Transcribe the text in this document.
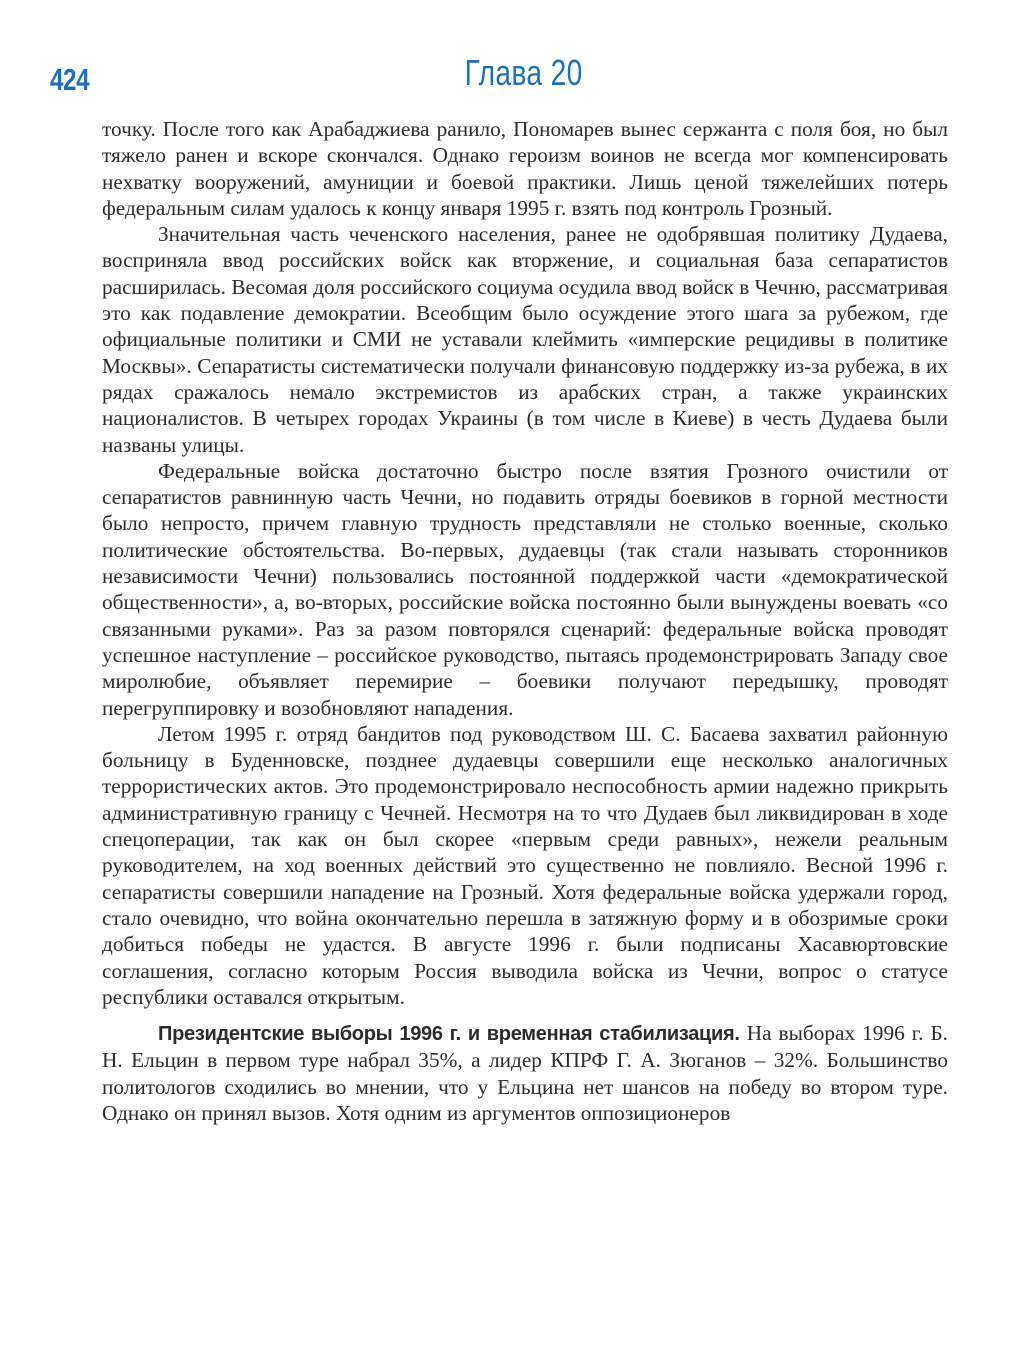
424	Глава 20

точку. После того как Арабаджиева ранило, Пономарев вынес сержанта с поля боя, но был тяжело ранен и вскоре скончался. Однако героизм воинов не всегда мог компенсировать нехватку вооружений, амуниции и боевой практики. Лишь ценой тяжелейших потерь федеральным силам удалось к концу января 1995 г. взять под контроль Грозный.

Значительная часть чеченского населения, ранее не одобрявшая политику Дудаева, восприняла ввод российских войск как вторжение, и социальная база сепаратистов расширилась. Весомая доля российского социума осудила ввод войск в Чечню, рассматривая это как подавление демократии. Всеобщим было осуждение этого шага за рубежом, где официальные политики и СМИ не уставали клеймить «имперские рецидивы в политике Москвы». Сепаратисты систематически получали финансовую поддержку из-за рубежа, в их рядах сражалось немало экстремистов из арабских стран, а также украинских националистов. В четырех городах Украины (в том числе в Киеве) в честь Дудаева были названы улицы.

Федеральные войска достаточно быстро после взятия Грозного очистили от сепаратистов равнинную часть Чечни, но подавить отряды боевиков в горной местности было непросто, причем главную трудность представляли не столько военные, сколько политические обстоятельства. Во-первых, дудаевцы (так стали называть сторонников независимости Чечни) пользовались постоянной поддержкой части «демократической общественности», а, во-вторых, российские войска постоянно были вынуждены воевать «со связанными руками». Раз за разом повторялся сценарий: федеральные войска проводят успешное наступление – российское руководство, пытаясь продемонстрировать Западу свое миролюбие, объявляет перемирие – боевики получают передышку, проводят перегруппировку и возобновляют нападения.

Летом 1995 г. отряд бандитов под руководством Ш. С. Басаева захватил районную больницу в Буденновске, позднее дудаевцы совершили еще несколько аналогичных террористических актов. Это продемонстрировало неспособность армии надежно прикрыть административную границу с Чечней. Несмотря на то что Дудаев был ликвидирован в ходе спецоперации, так как он был скорее «первым среди равных», нежели реальным руководителем, на ход военных действий это существенно не повлияло. Весной 1996 г. сепаратисты совершили нападение на Грозный. Хотя федеральные войска удержали город, стало очевидно, что война окончательно перешла в затяжную форму и в обозримые сроки добиться победы не удастся. В августе 1996 г. были подписаны Хасавюртовские соглашения, согласно которым Россия выводила войска из Чечни, вопрос о статусе республики оставался открытым.

Президентские выборы 1996 г. и временная стабилизация. На выборах 1996 г. Б. Н. Ельцин в первом туре набрал 35%, а лидер КПРФ Г. А. Зюганов – 32%. Большинство политологов сходились во мнении, что у Ельцина нет шансов на победу во втором туре. Однако он принял вызов. Хотя одним из аргументов оппозиционеров
